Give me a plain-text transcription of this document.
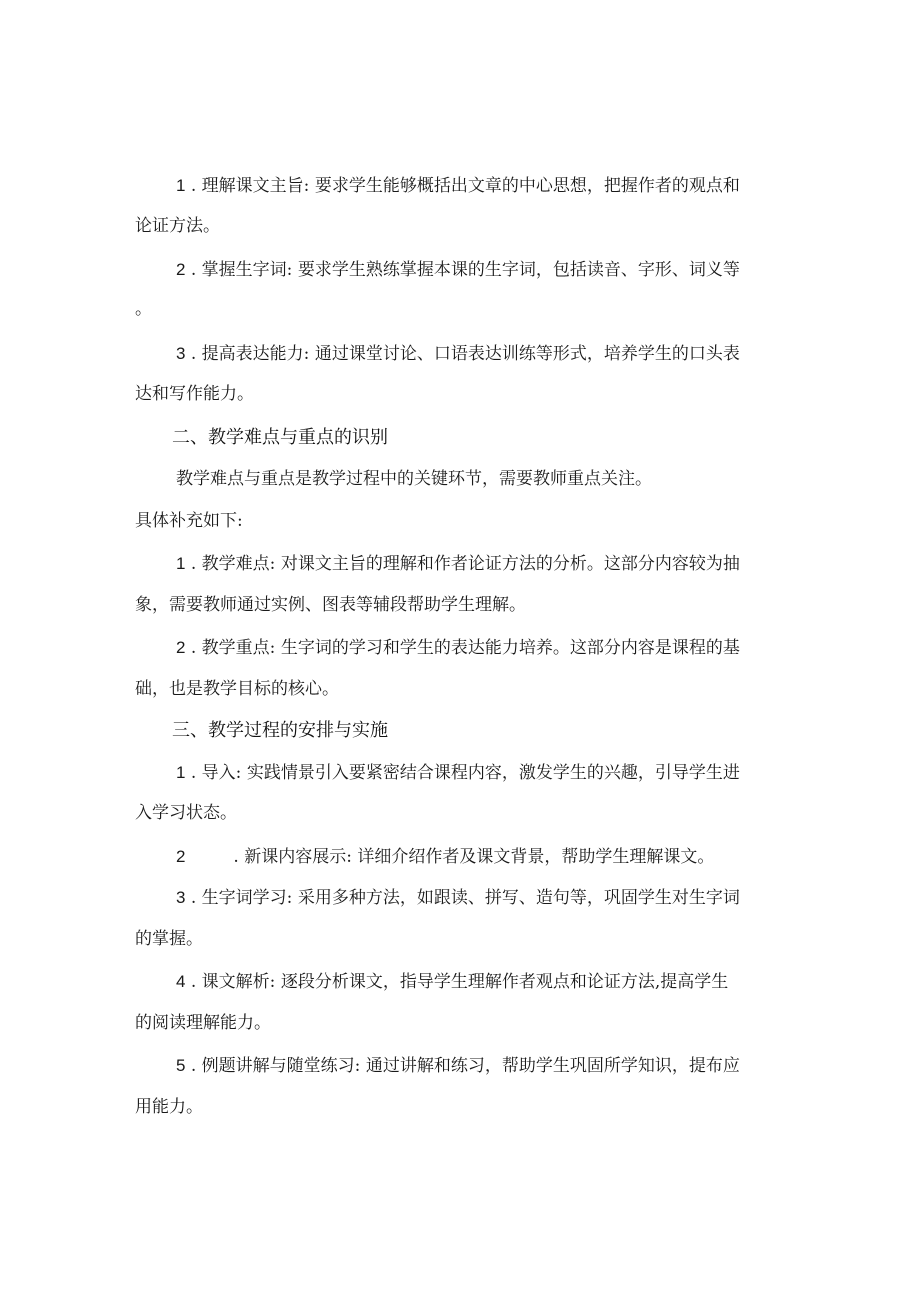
1 . 理解课文主旨: 要求学生能够概括出文章的中心思想，把握作者的观点和
论证方法。
2 . 掌握生字词: 要求学生熟练掌握本课的生字词，包括读音、字形、词义等
。
3 . 提高表达能力: 通过课堂讨论、口语表达训练等形式，培养学生的口头表
达和写作能力。
二、教学难点与重点的识别
教学难点与重点是教学过程中的关键环节，需要教师重点关注。
具体补充如下:
1 . 教学难点: 对课文主旨的理解和作者论证方法的分析。这部分内容较为抽
象，需要教师通过实例、图表等辅段帮助学生理解。
2 . 教学重点: 生字词的学习和学生的表达能力培养。这部分内容是课程的基
础，也是教学目标的核心。
三、教学过程的安排与实施
1 . 导入: 实践情景引入要紧密结合课程内容，激发学生的兴趣，引导学生进
入学习状态。
2	. 新课内容展示: 详细介绍作者及课文背景，帮助学生理解课文。
3 . 生字词学习: 采用多种方法，如跟读、拼写、造句等，巩固学生对生字词
的掌握。
4 . 课文解析: 逐段分析课文，指导学生理解作者观点和论证方法,提高学生
的阅读理解能力。
5 . 例题讲解与随堂练习: 通过讲解和练习，帮助学生巩固所学知识，提布应
用能力。
